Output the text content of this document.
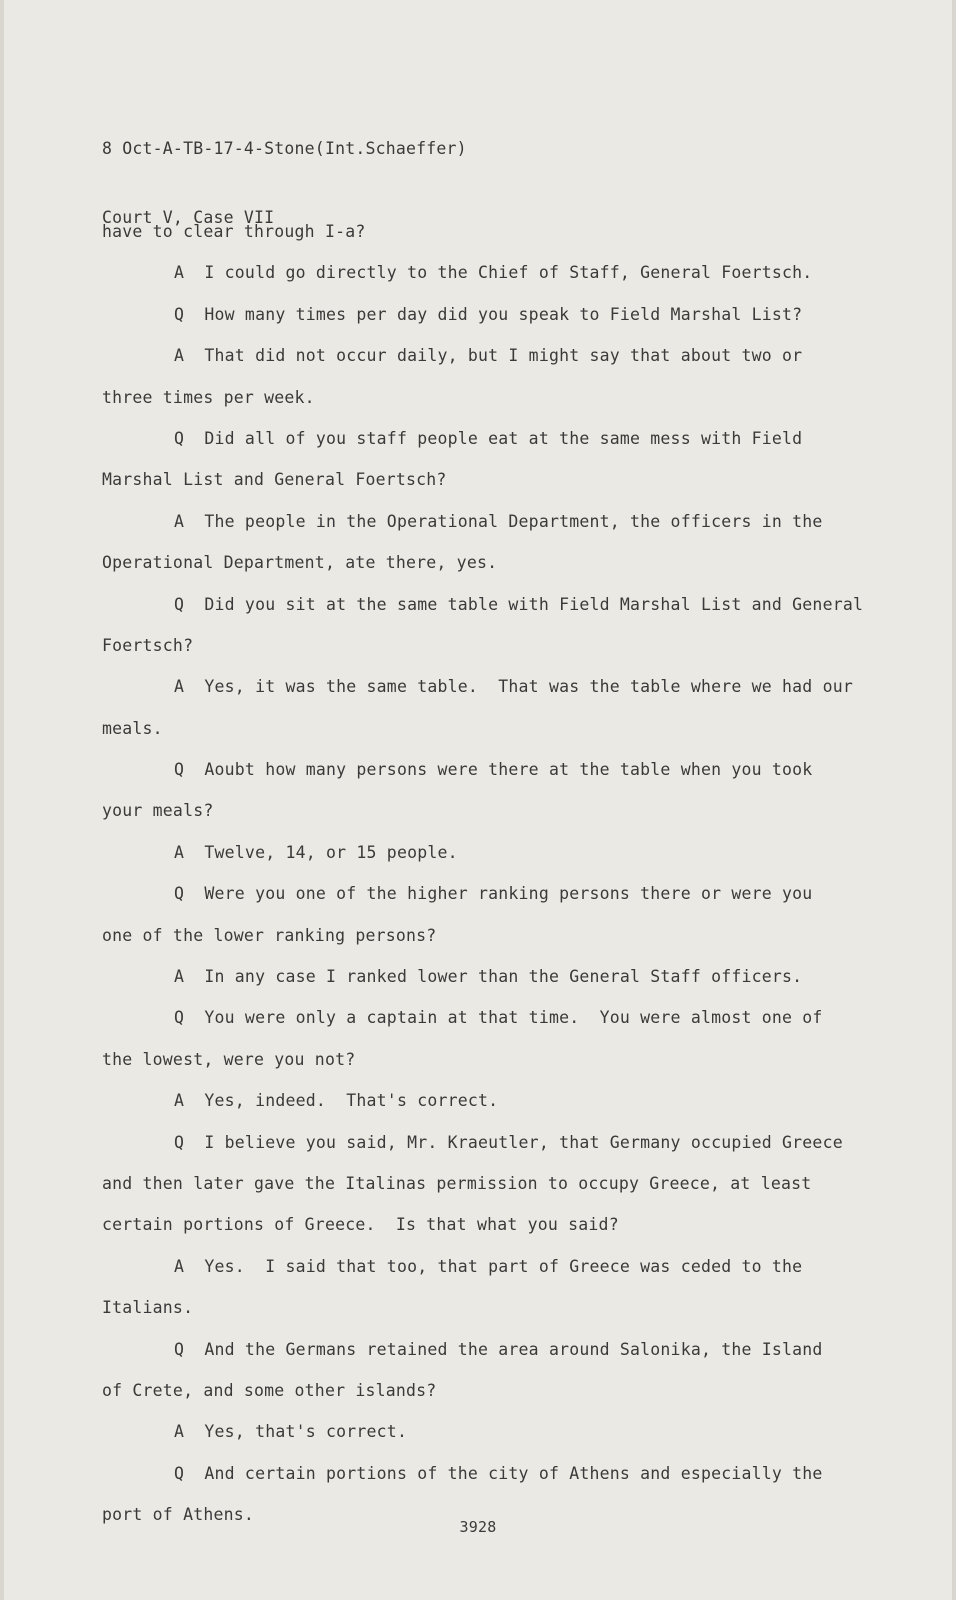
8 Oct-A-TB-17-4-Stone(Int.Schaeffer)

Court V, Case VII

have to clear through I-a?
A  I could go directly to the Chief of Staff, General Foertsch.
Q  How many times per day did you speak to Field Marshal List?
A  That did not occur daily, but I might say that about two or
three times per week.
Q  Did all of you staff people eat at the same mess with Field
Marshal List and General Foertsch?
A  The people in the Operational Department, the officers in the
Operational Department, ate there, yes.
Q  Did you sit at the same table with Field Marshal List and General
Foertsch?
A  Yes, it was the same table.  That was the table where we had our
meals.
Q  Aoubt how many persons were there at the table when you took
your meals?
A  Twelve, 14, or 15 people.
Q  Were you one of the higher ranking persons there or were you
one of the lower ranking persons?
A  In any case I ranked lower than the General Staff officers.
Q  You were only a captain at that time.  You were almost one of
the lowest, were you not?
A  Yes, indeed.  That's correct.
Q  I believe you said, Mr. Kraeutler, that Germany occupied Greece
and then later gave the Italinas permission to occupy Greece, at least
certain portions of Greece.  Is that what you said?
A  Yes.  I said that too, that part of Greece was ceded to the
Italians.
Q  And the Germans retained the area around Salonika, the Island
of Crete, and some other islands?
A  Yes, that's correct.
Q  And certain portions of the city of Athens and especially the
port of Athens.
3928
